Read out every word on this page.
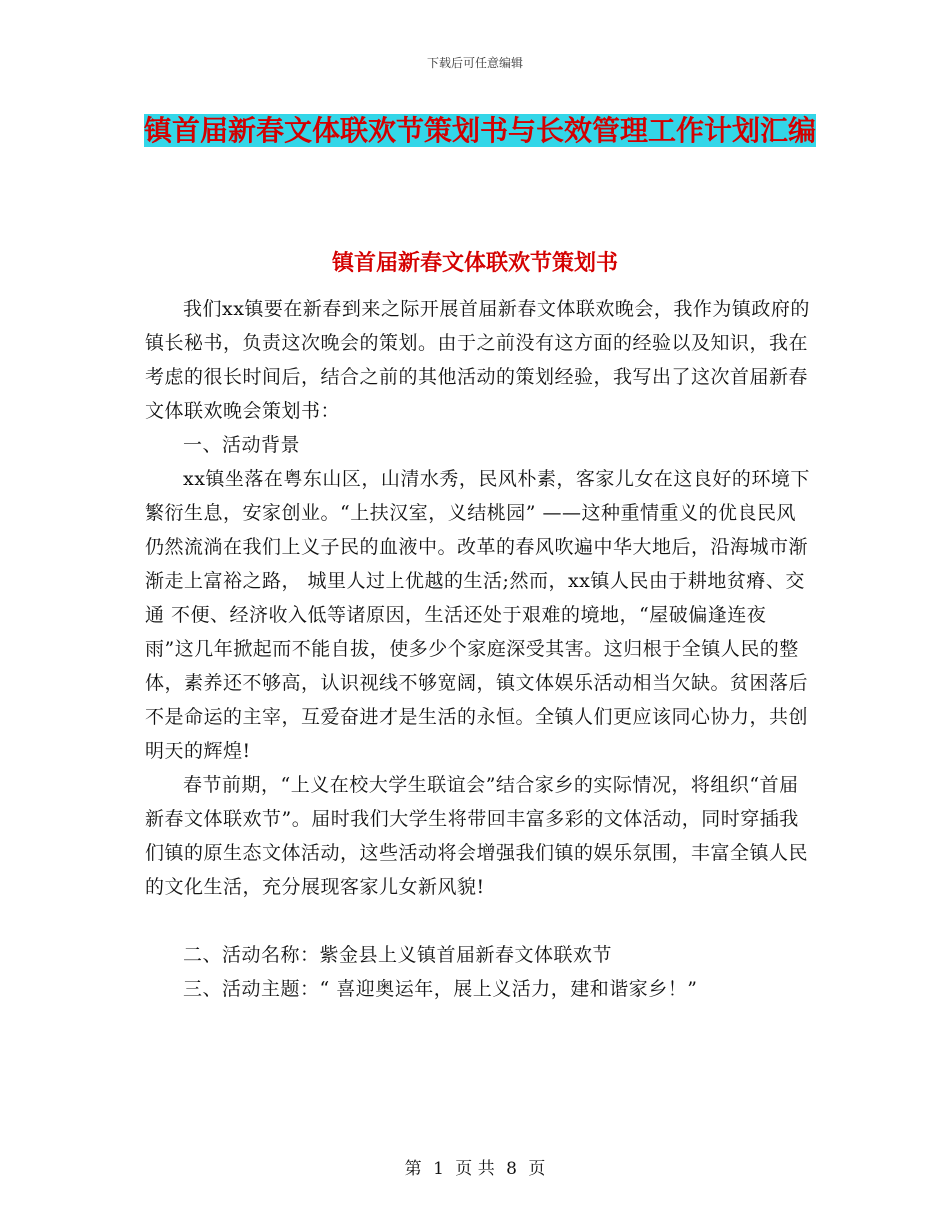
下载后可任意编辑
镇首届新春文体联欢节策划书与长效管理工作计划汇编
镇首届新春文体联欢节策划书

我们xx镇要在新春到来之际开展首届新春文体联欢晚会，我作为镇政府的镇长秘书，负责这次晚会的策划。由于之前没有这方面的经验以及知识，我在考虑的很长时间后，结合之前的其他活动的策划经验，我写出了这次首届新春文体联欢晚会策划书：

一、活动背景

xx镇坐落在粤东山区，山清水秀，民风朴素，客家儿女在这良好的环境下繁衍生息，安家创业。“上扶汉室，义结桃园” ——这种重情重义的优良民风仍然流淌在我们上义子民的血液中。改革的春风吹遍中华大地后，沿海城市渐渐走上富裕之路， 城里人过上优越的生活;然而，xx镇人民由于耕地贫瘠、交通 不便、经济收入低等诸原因，生活还处于艰难的境地，“屋破偏逢连夜雨”这几年掀起而不能自拔，使多少个家庭深受其害。这归根于全镇人民的整体，素养还不够高，认识视线不够宽阔，镇文体娱乐活动相当欠缺。贫困落后不是命运的主宰，互爱奋进才是生活的永恒。全镇人们更应该同心协力，共创明天的辉煌!

春节前期，“上义在校大学生联谊会”结合家乡的实际情况，将组织“首届新春文体联欢节”。届时我们大学生将带回丰富多彩的文体活动，同时穿插我们镇的原生态文体活动，这些活动将会增强我们镇的娱乐氛围，丰富全镇人民的文化生活，充分展现客家儿女新风貌!

二、活动名称：紫金县上义镇首届新春文体联欢节

三、活动主题：“ 喜迎奥运年，展上义活力，建和谐家乡！”

第 1 页 共 8 页
